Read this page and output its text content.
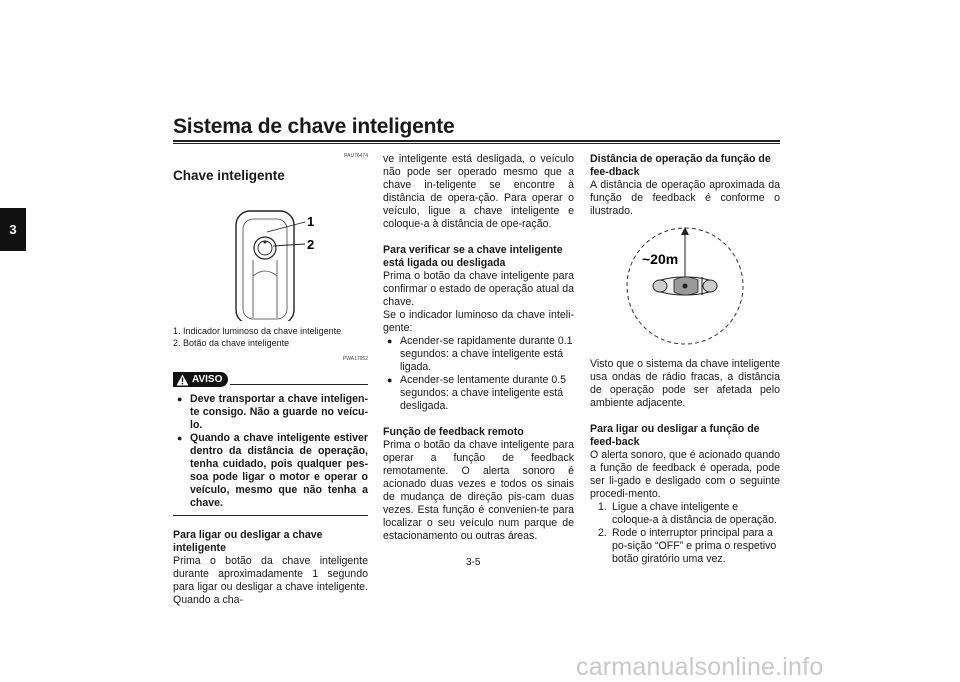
Sistema de chave inteligente
3
PAU76474
Chave inteligente
1
2
1. Indicador luminoso da chave inteligente
2. Botão da chave inteligente
PWA17952
AVISO
● Deve transportar a chave inteligen-te consigo. Não a guarde no veícu-lo.
● Quando a chave inteligente estiver dentro da distância de operação, tenha cuidado, pois qualquer pes-soa pode ligar o motor e operar o veículo, mesmo que não tenha a chave.

Para ligar ou desligar a chave inteligente

Prima o botão da chave inteligente durante aproximadamente 1 segundo para ligar ou desligar a chave inteligente. Quando a cha-

ve inteligente está desligada, o veículo não pode ser operado mesmo que a chave in-teligente se encontre à distância de opera-ção. Para operar o veículo, ligue a chave inteligente e coloque-a à distância de ope-ração.

Para verificar se a chave inteligente está ligada ou desligada

Prima o botão da chave inteligente para confirmar o estado de operação atual da chave.

Se o indicador luminoso da chave inteli-gente:

● Acender-se rapidamente durante 0.1 segundos: a chave inteligente está ligada.
● Acender-se lentamente durante 0.5 segundos: a chave inteligente está desligada.

Função de feedback remoto

Prima o botão da chave inteligente para operar a função de feedback remotamente. O alerta sonoro é acionado duas vezes e todos os sinais de mudança de direção pis-cam duas vezes. Esta função é convenien-te para localizar o seu veículo num parque de estacionamento ou outras áreas.

Distância de operação da função de fee-dback

A distância de operação aproximada da função de feedback é conforme o ilustrado.

~20m

Visto que o sistema da chave inteligente usa ondas de rádio fracas, a distância de operação pode ser afetada pelo ambiente adjacente.

Para ligar ou desligar a função de feed-back

O alerta sonoro, que é acionado quando a função de feedback é operada, pode ser li-gado e desligado com o seguinte procedi-mento.

1. Ligue a chave inteligente e coloque-a à distância de operação.
2. Rode o interruptor principal para a po-sição “OFF” e prima o respetivo botão giratório uma vez.
3-5
carmanualsonline.info
